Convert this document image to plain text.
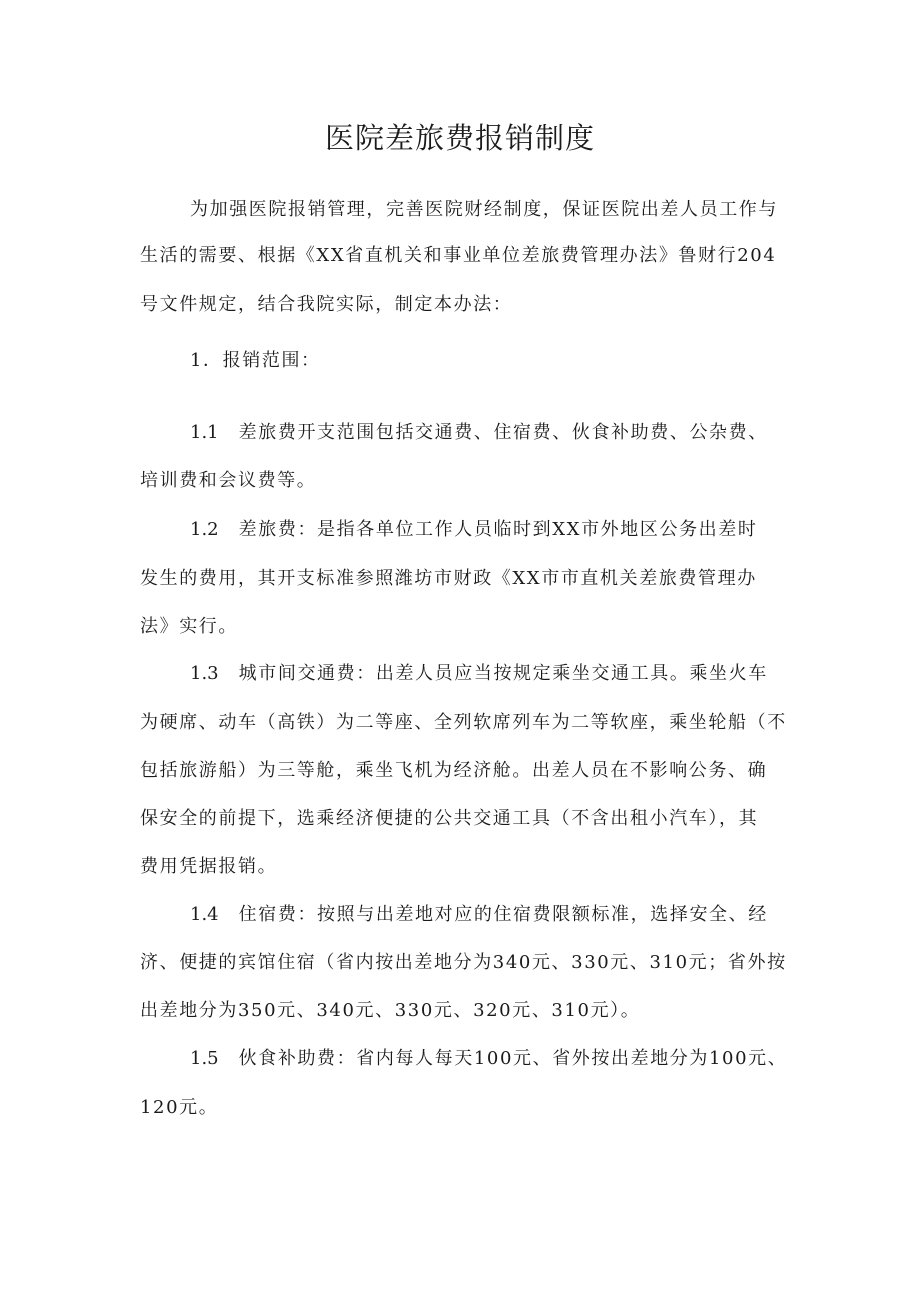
医院差旅费报销制度
为加强医院报销管理，完善医院财经制度，保证医院出差人员工作与
生活的需要、根据《XX省直机关和事业单位差旅费管理办法》鲁财行204
号文件规定，结合我院实际，制定本办法：
1．报销范围：
1.1 差旅费开支范围包括交通费、住宿费、伙食补助费、公杂费、
培训费和会议费等。
1.2 差旅费：是指各单位工作人员临时到XX市外地区公务出差时
发生的费用，其开支标准参照潍坊市财政《XX市市直机关差旅费管理办
法》实行。
1.3 城市间交通费：出差人员应当按规定乘坐交通工具。乘坐火车
为硬席、动车（高铁）为二等座、全列软席列车为二等软座，乘坐轮船（不
包括旅游船）为三等舱，乘坐飞机为经济舱。出差人员在不影响公务、确
保安全的前提下，选乘经济便捷的公共交通工具（不含出租小汽车），其
费用凭据报销。
1.4 住宿费：按照与出差地对应的住宿费限额标准，选择安全、经
济、便捷的宾馆住宿（省内按出差地分为340元、330元、310元；省外按
出差地分为350元、340元、330元、320元、310元）。
1.5 伙食补助费：省内每人每天100元、省外按出差地分为100元、
120元。
